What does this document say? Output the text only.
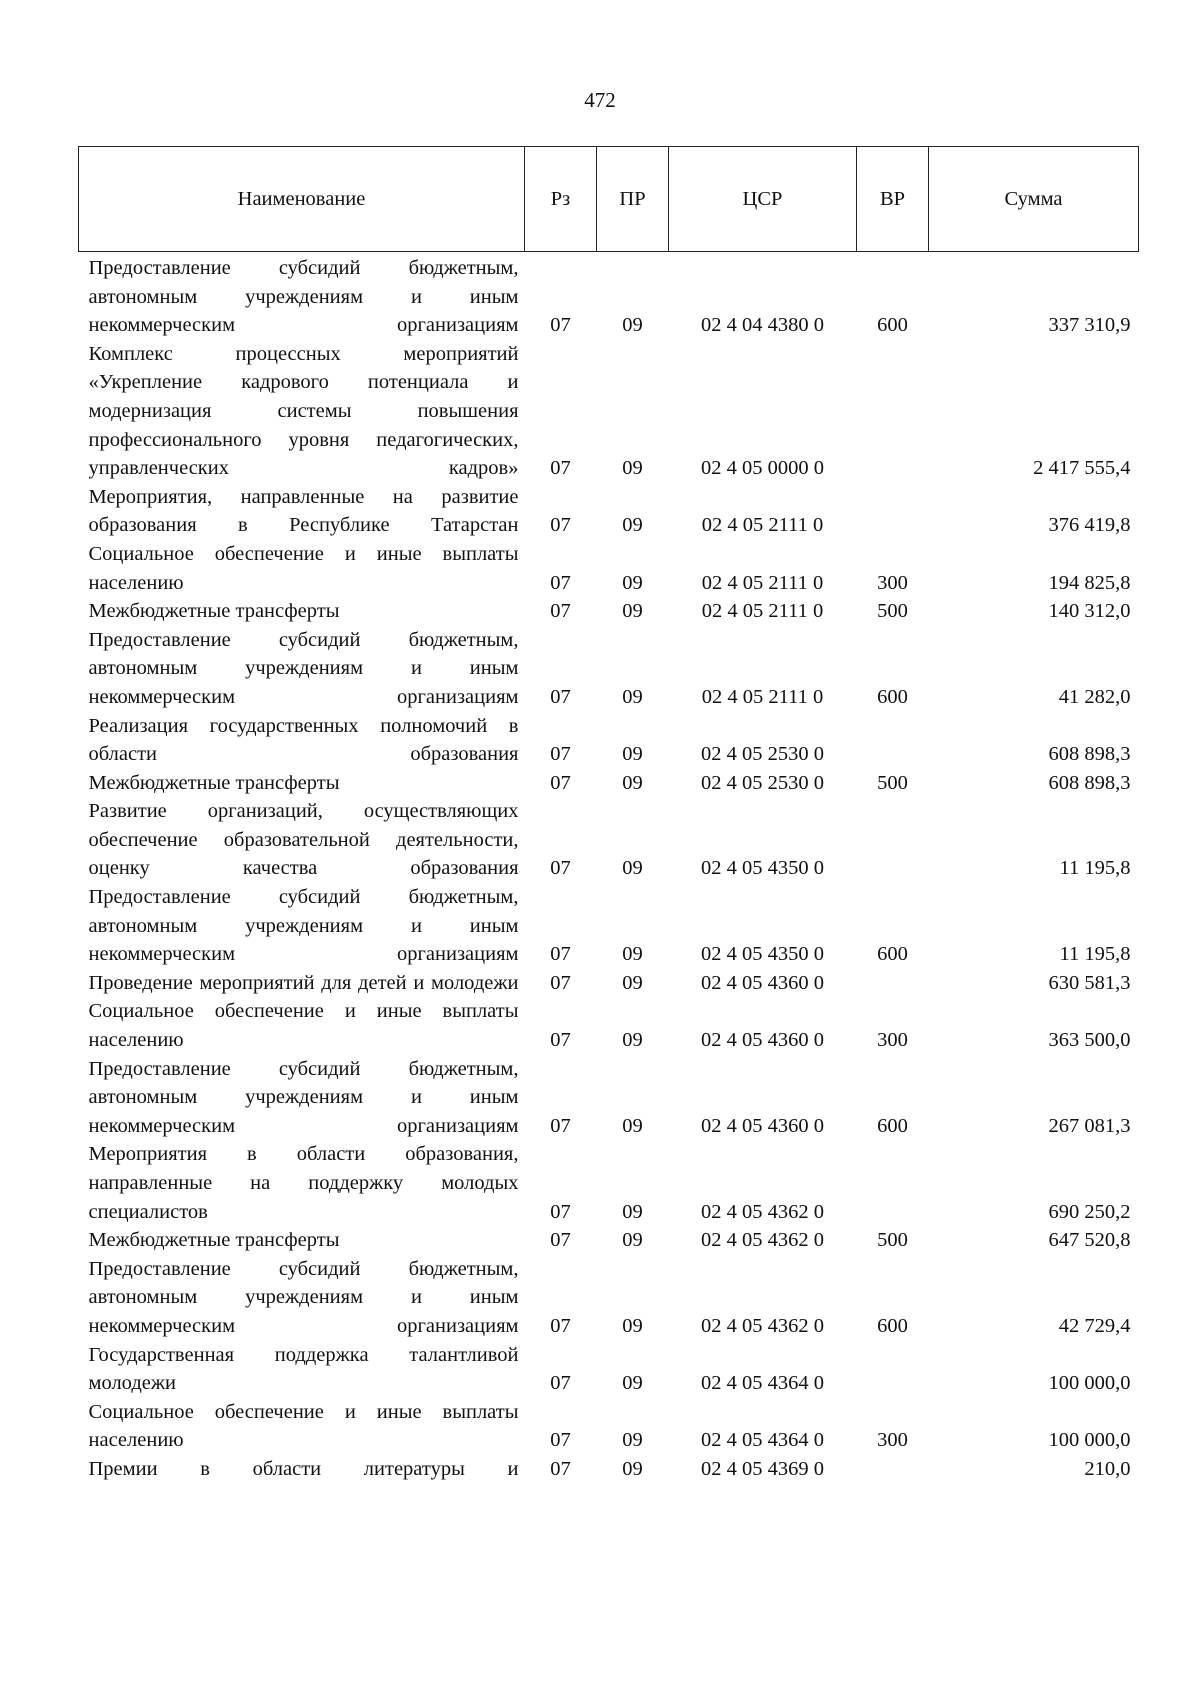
472
Наименование	Рз	ПР	ЦСР	ВР	Сумма
Предоставление субсидий бюджетным, автономным учреждениям и иным некоммерческим организациям	07	09	02 4 04 4380 0	600	337 310,9
Комплекс процессных мероприятий «Укрепление кадрового потенциала и модернизация системы повышения профессионального уровня педагогических, управленческих кадров»	07	09	02 4 05 0000 0		2 417 555,4
Мероприятия, направленные на развитие образования в Республике Татарстан	07	09	02 4 05 2111 0		376 419,8
Социальное обеспечение и иные выплаты населению	07	09	02 4 05 2111 0	300	194 825,8
Межбюджетные трансферты	07	09	02 4 05 2111 0	500	140 312,0
Предоставление субсидий бюджетным, автономным учреждениям и иным некоммерческим организациям	07	09	02 4 05 2111 0	600	41 282,0
Реализация государственных полномочий в области образования	07	09	02 4 05 2530 0		608 898,3
Межбюджетные трансферты	07	09	02 4 05 2530 0	500	608 898,3
Развитие организаций, осуществляющих обеспечение образовательной деятельности, оценку качества образования	07	09	02 4 05 4350 0		11 195,8
Предоставление субсидий бюджетным, автономным учреждениям и иным некоммерческим организациям	07	09	02 4 05 4350 0	600	11 195,8
Проведение мероприятий для детей и молодежи	07	09	02 4 05 4360 0		630 581,3
Социальное обеспечение и иные выплаты населению	07	09	02 4 05 4360 0	300	363 500,0
Предоставление субсидий бюджетным, автономным учреждениям и иным некоммерческим организациям	07	09	02 4 05 4360 0	600	267 081,3
Мероприятия в области образования, направленные на поддержку молодых специалистов	07	09	02 4 05 4362 0		690 250,2
Межбюджетные трансферты	07	09	02 4 05 4362 0	500	647 520,8
Предоставление субсидий бюджетным, автономным учреждениям и иным некоммерческим организациям	07	09	02 4 05 4362 0	600	42 729,4
Государственная поддержка талантливой молодежи	07	09	02 4 05 4364 0		100 000,0
Социальное обеспечение и иные выплаты населению	07	09	02 4 05 4364 0	300	100 000,0
Премии в области литературы и	07	09	02 4 05 4369 0		210,0
